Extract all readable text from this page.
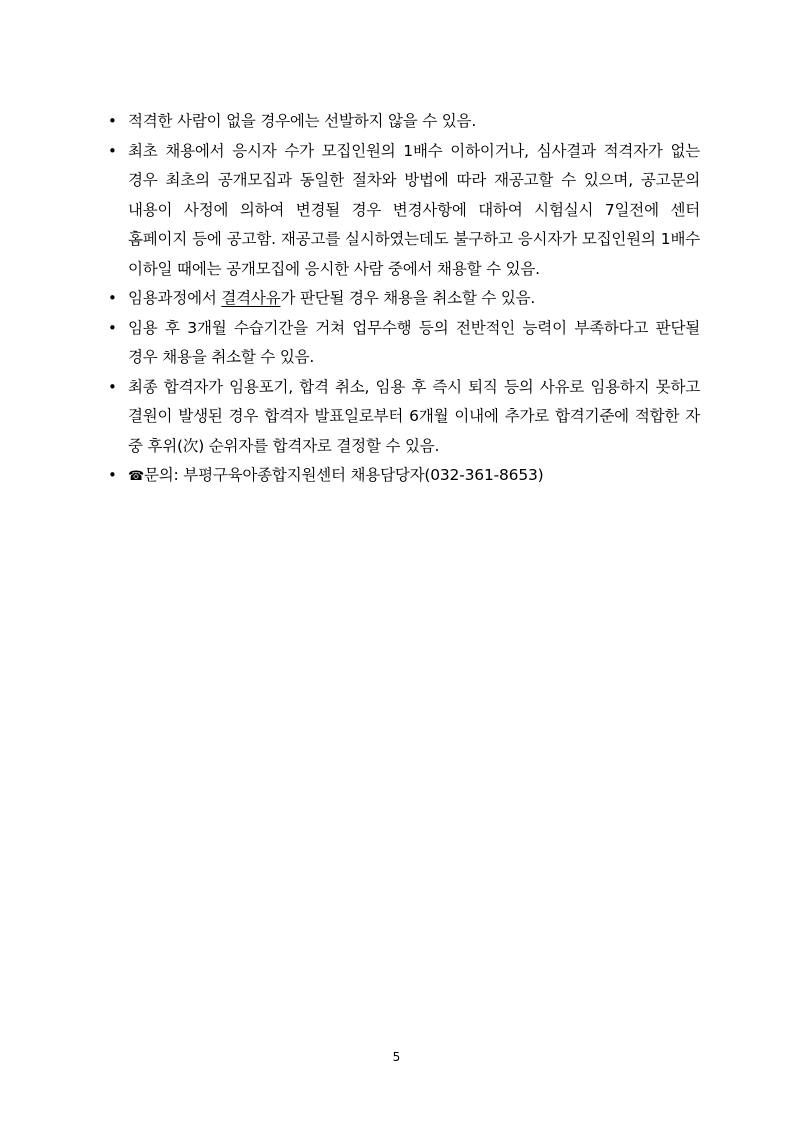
• 적격한 사람이 없을 경우에는 선발하지 않을 수 있음.
• 최초 채용에서 응시자 수가 모집인원의 1배수 이하이거나, 심사결과 적격자가 없는 경우 최초의 공개모집과 동일한 절차와 방법에 따라 재공고할 수 있으며, 공고문의 내용이 사정에 의하여 변경될 경우 변경사항에 대하여 시험실시 7일전에 센터 홈페이지 등에 공고함. 재공고를 실시하였는데도 불구하고 응시자가 모집인원의 1배수 이하일 때에는 공개모집에 응시한 사람 중에서 채용할 수 있음.
• 임용과정에서 결격사유가 판단될 경우 채용을 취소할 수 있음.
• 임용 후 3개월 수습기간을 거쳐 업무수행 등의 전반적인 능력이 부족하다고 판단될 경우 채용을 취소할 수 있음.
• 최종 합격자가 임용포기, 합격 취소, 임용 후 즉시 퇴직 등의 사유로 임용하지 못하고 결원이 발생된 경우 합격자 발표일로부터 6개월 이내에 추가로 합격기준에 적합한 자 중 후위(次) 순위자를 합격자로 결정할 수 있음.
• ☎문의: 부평구육아종합지원센터 채용담당자(032-361-8653)
5
